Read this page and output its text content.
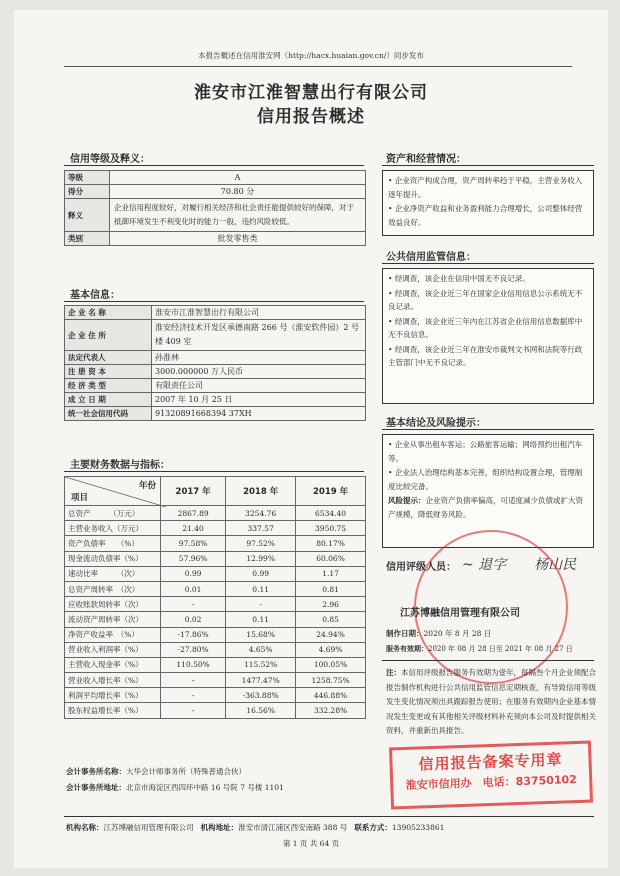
本报告概述在信用淮安网（http://hacx.huaian.gov.cn/）同步发布
淮安市江淮智慧出行有限公司
信用报告概述
信用等级及释义：
等级	A
得分	70.80 分
释义	企业信用程度较好，对履行相关经济和社会责任能提供较好的保障，对于抵御环境发生不利变化时的能力一般，违约风险较低。
类别	批发零售类
基本信息：
企 业 名 称	淮安市江淮智慧出行有限公司
企 业 住 所	淮安经济技术开发区承德南路 266 号（淮安软件园）2 号楼 409 室
法定代表人	孙淮林
注 册 资 本	3000.000000 万人民币
经 济 类 型	有限责任公司
成 立 日 期	2007 年 10 月 25 日
统一社会信用代码	91320891668394 37XH
主要财务数据与指标：
年份
项目	2017 年	2018 年	2019 年
总资产　　　（万元）	2867.89	3254.76	6534.40
主营业务收入（万元）	21.40	337.57	3950.75
资产负债率　　（%）	97.58%	97.52%	80.17%
现金流动负债率（%）	57.96%	12.99%	60.06%
速动比率　　　（次）	0.99	0.99	1.17
总资产周转率　（次）	0.01	0.11	0.81
应收账款周转率（次）	-	-	2.96
流动资产周转率（次）	0.02	0.11	0.85
净资产收益率　（%）	-17.86%	15.68%	24.94%
营业收入利润率（%）	-27.80%	4.65%	4.69%
主营收入现金率（%）	110.50%	115.52%	100.05%
营业收入增长率（%）	-	1477.47%	1258.75%
利润平均增长率（%）	-	-363.88%	446.88%
股东权益增长率（%）	-	16.56%	332.28%
会计事务所名称：大华会计师事务所（特殊普通合伙）
会计事务所地址：北京市海淀区西四环中路 16 号院 7 号楼 1101
资产和经营情况：

• 企业资产构成合理，资产周转率趋于平稳，主营业务收入逐年提升。

• 企业净资产收益和业务盈利能力合理增长，公司整体经营效益良好。

公共信用监管信息：

• 经调查，该企业在信用中国无不良记录。

• 经调查，该企业近三年在国家企业信用信息公示系统无不良记录。

• 经调查，该企业近三年内在江苏省企业信用信息数据库中无不良信息。

• 经调查，该企业近三年在淮安市裁判文书网和法院等行政主管部门中无不良记录。

基本结论及风险提示：

• 企业从事出租车客运；公路旅客运输；网络预约出租汽车等。

• 企业法人治理结构基本完善，组织结构设置合理，管理制度比较完备。

风险提示：企业资产负债率偏高，可适度减少负债或扩大资产规模，降低财务风险。

信用评级人员： ~ 退字　　杨山民
江苏博融信用管理有限公司
制作日期：2020 年 8 月 28 日
服务有效期：2020 年 08 月 28 日至 2021 年 08 月 27 日
注：本信用评级报告服务有效期为壹年，每隔叁个月企业须配合报告制作机构进行公共信用监管信息定期核查，有导致信用等级发生变化情况须出具跟踪报告使用；在服务有效期内企业基本情况发生变更或有其他相关评级材料补充须向本公司及时提供相关资料，并重新出具报告。
信用报告备案专用章
淮安市信用办　电话：83750102
机构名称：江苏博融信用管理有限公司 机构地址：淮安市清江浦区西安南路 388 号 联系方式：13905233861
第 1 页 共 64 页
